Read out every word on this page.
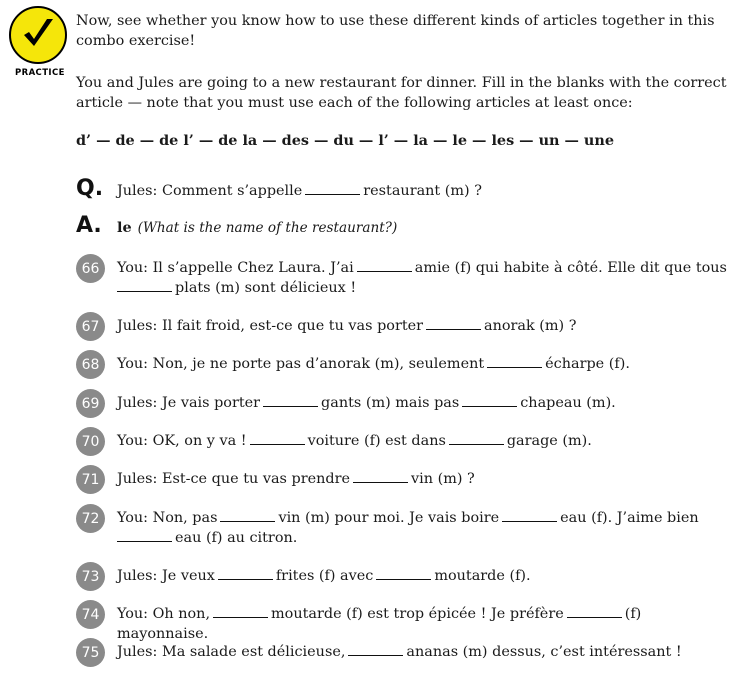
PRACTICE

Now, see whether you know how to use these different kinds of articles together in this combo exercise!

You and Jules are going to a new restaurant for dinner. Fill in the blanks with the correct article — note that you must use each of the following articles at least once:

d’ — de — de l’ — de la — des — du — l’ — la — le — les — un — une
Q. Jules: Comment s’appelle	restaurant (m) ?
A.	le (What is the name of the restaurant?)
66	You: Il s’appelle Chez Laura. J’ai	amie (f) qui habite à côté. Elle dit que tous
plats (m) sont délicieux !
67	Jules: Il fait froid, est-ce que tu vas porter	anorak (m) ?
68	You: Non, je ne porte pas d’anorak (m), seulement	écharpe (f).
69	Jules: Je vais porter	gants (m) mais pas	chapeau (m).
70	You: OK, on y va !	voiture (f) est dans	garage (m).
71	Jules: Est-ce que tu vas prendre	vin (m) ?
72	You: Non, pas	vin (m) pour moi. Je vais boire	eau (f). J’aime bien
eau (f) au citron.
73	Jules: Je veux	frites (f) avec	moutarde (f).
74	You: Oh non,	moutarde (f) est trop épicée ! Je préfère	(f) mayonnaise.
75	Jules: Ma salade est délicieuse,	ananas (m) dessus, c’est intéressant !
